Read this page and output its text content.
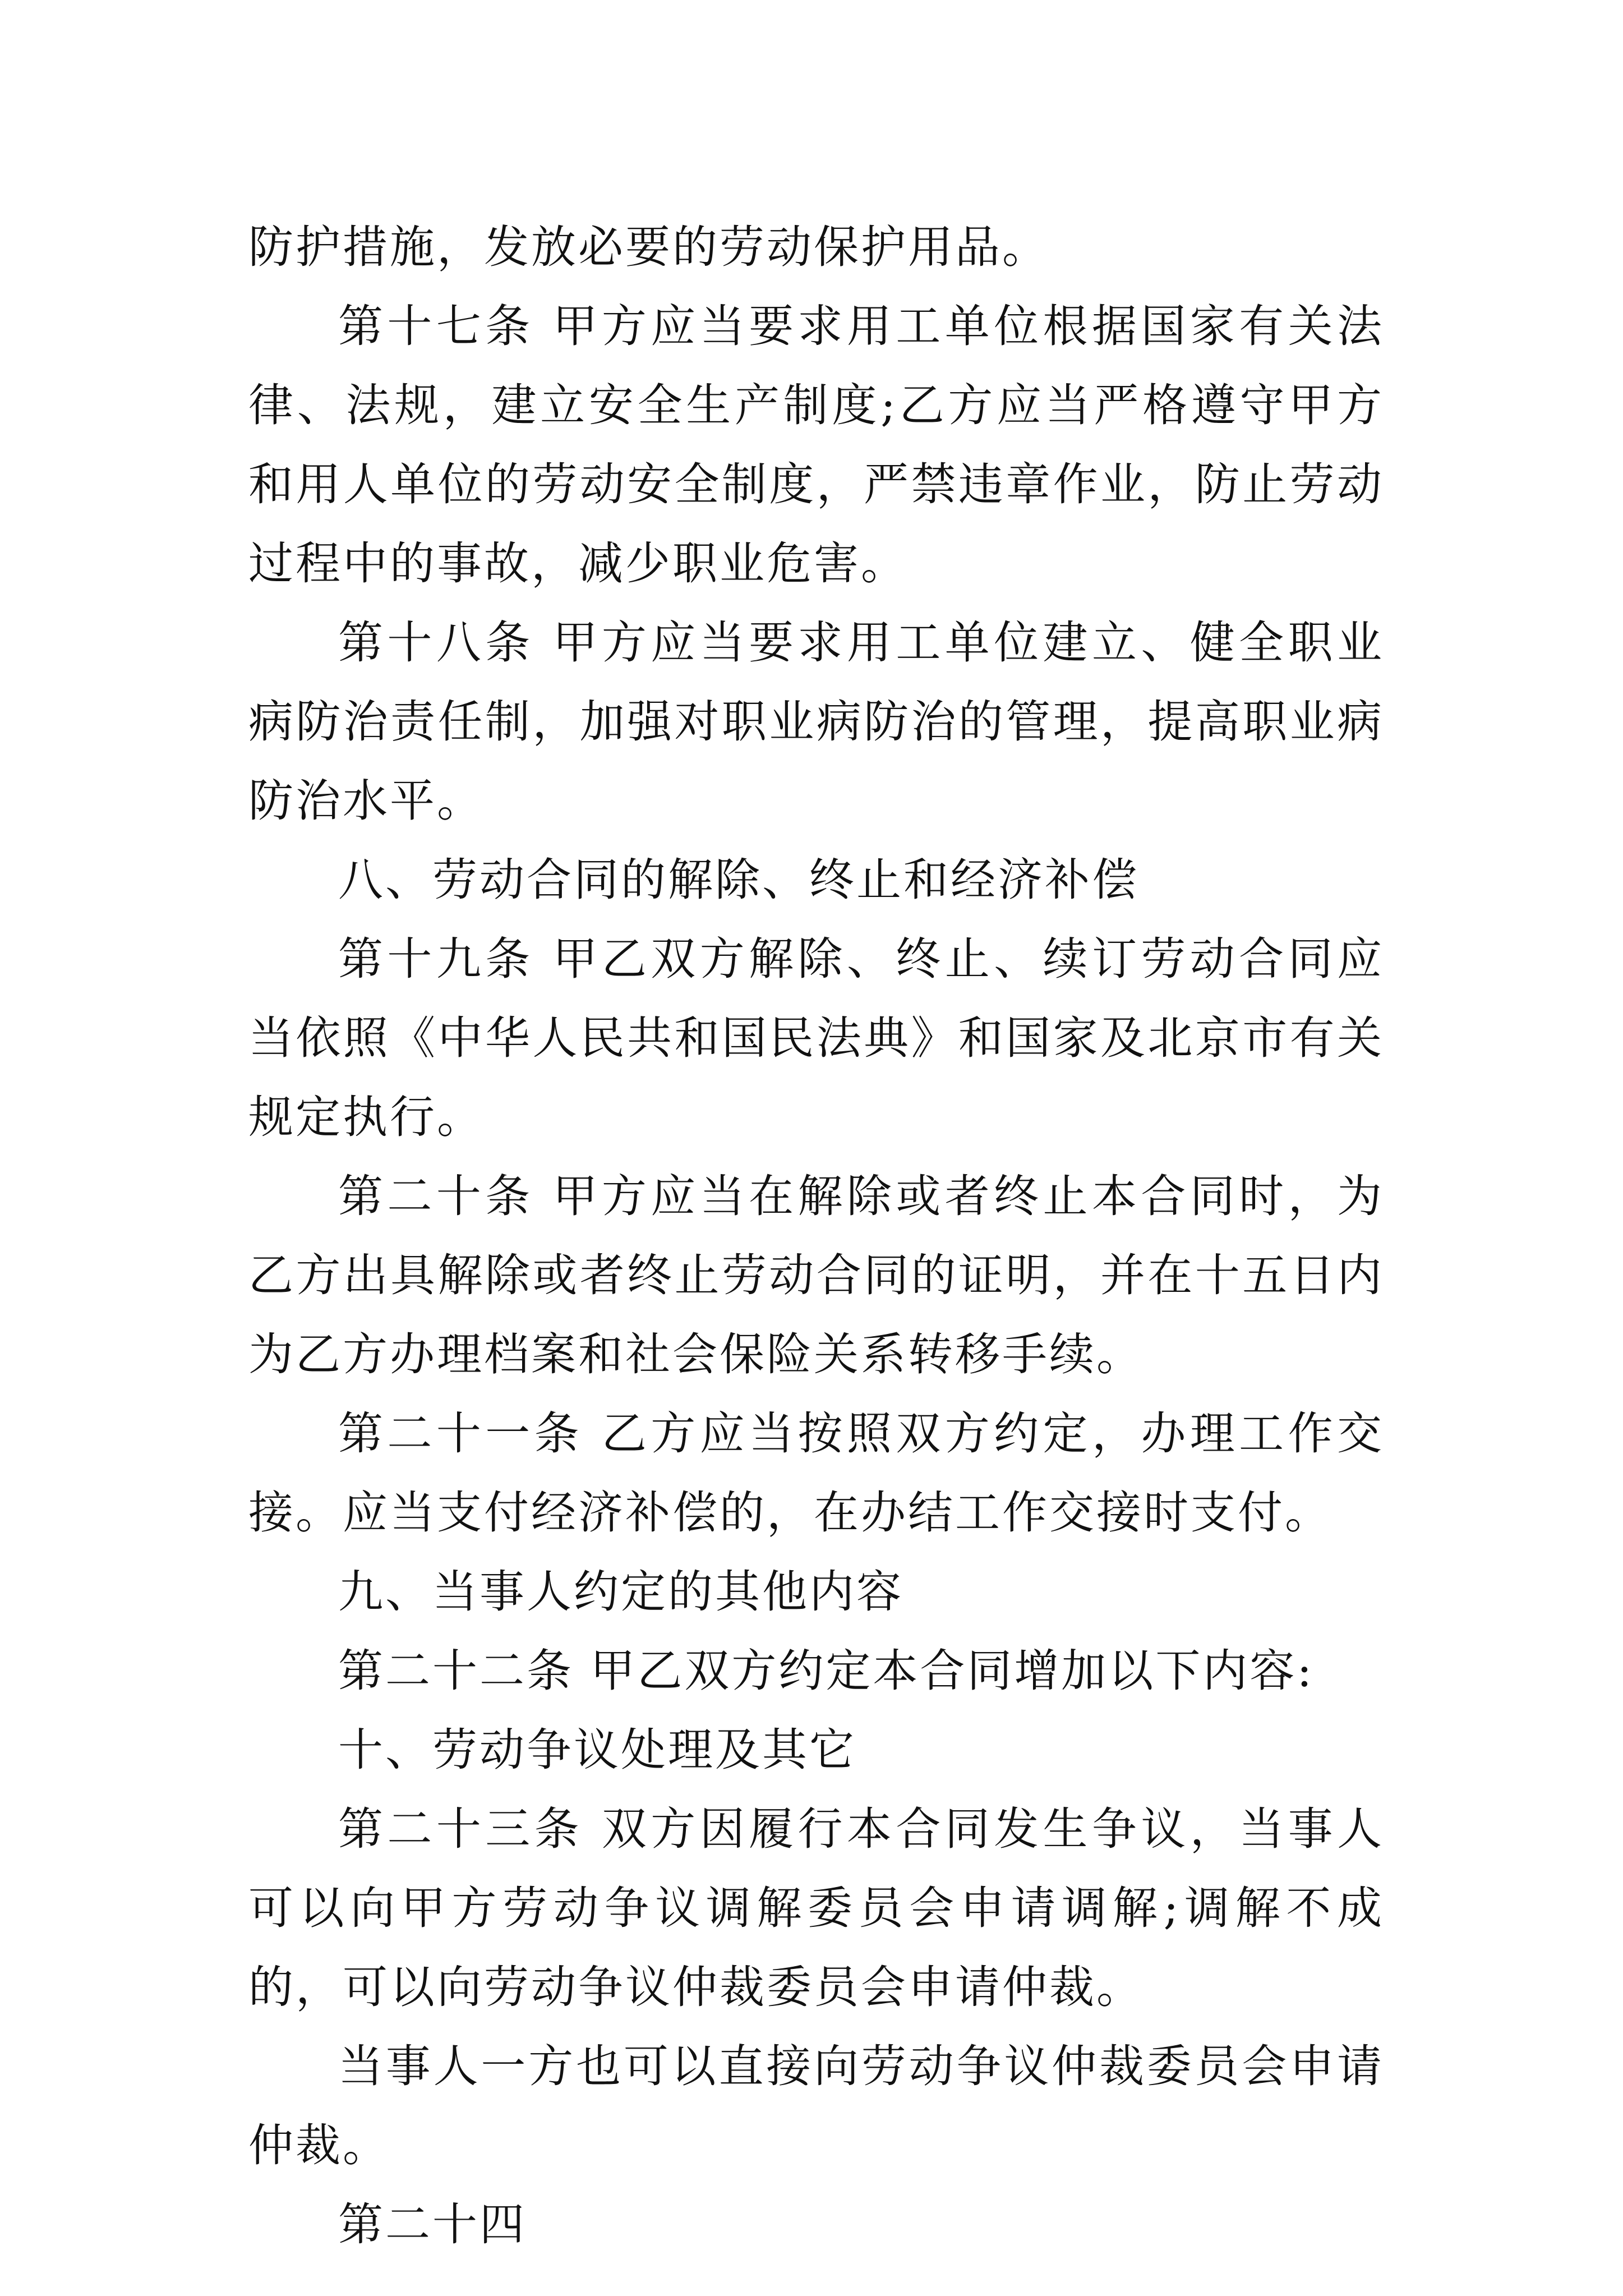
防护措施，发放必要的劳动保护用品。

第十七条 甲方应当要求用工单位根据国家有关法律、法规，建立安全生产制度;乙方应当严格遵守甲方和用人单位的劳动安全制度，严禁违章作业，防止劳动过程中的事故，减少职业危害。

第十八条 甲方应当要求用工单位建立、健全职业病防治责任制，加强对职业病防治的管理，提高职业病防治水平。

八、劳动合同的解除、终止和经济补偿

第十九条 甲乙双方解除、终止、续订劳动合同应当依照《中华人民共和国民法典》和国家及北京市有关规定执行。

第二十条 甲方应当在解除或者终止本合同时，为乙方出具解除或者终止劳动合同的证明，并在十五日内为乙方办理档案和社会保险关系转移手续。

第二十一条 乙方应当按照双方约定，办理工作交接。应当支付经济补偿的，在办结工作交接时支付。

九、当事人约定的其他内容

第二十二条 甲乙双方约定本合同增加以下内容:

十、劳动争议处理及其它

第二十三条 双方因履行本合同发生争议，当事人可以向甲方劳动争议调解委员会申请调解;调解不成的，可以向劳动争议仲裁委员会申请仲裁。

当事人一方也可以直接向劳动争议仲裁委员会申请仲裁。

第二十四
